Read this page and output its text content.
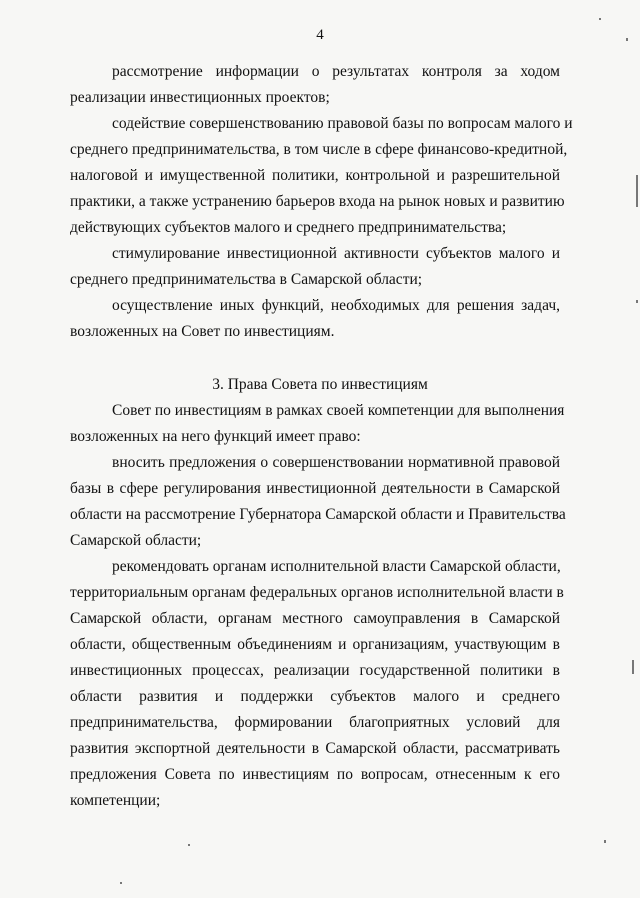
4
рассмотрение информации о результатах контроля за ходом
реализации инвестиционных проектов;
содействие совершенствованию правовой базы по вопросам малого и
среднего предпринимательства, в том числе в сфере финансово-кредитной,
налоговой и имущественной политики, контрольной и разрешительной
практики, а также устранению барьеров входа на рынок новых и развитию
действующих субъектов малого и среднего предпринимательства;
стимулирование инвестиционной активности субъектов малого и
среднего предпринимательства в Самарской области;
осуществление иных функций, необходимых для решения задач,
возложенных на Совет по инвестициям.
3. Права Совета по инвестициям
Совет по инвестициям в рамках своей компетенции для выполнения
возложенных на него функций имеет право:
вносить предложения о совершенствовании нормативной правовой
базы в сфере регулирования инвестиционной деятельности в Самарской
области на рассмотрение Губернатора Самарской области и Правительства
Самарской области;
рекомендовать органам исполнительной власти Самарской области,
территориальным органам федеральных органов исполнительной власти в
Самарской области, органам местного самоуправления в Самарской
области, общественным объединениям и организациям, участвующим в
инвестиционных процессах, реализации государственной политики в
области развития и поддержки субъектов малого и среднего
предпринимательства, формировании благоприятных условий для
развития экспортной деятельности в Самарской области, рассматривать
предложения Совета по инвестициям по вопросам, отнесенным к его
компетенции;
